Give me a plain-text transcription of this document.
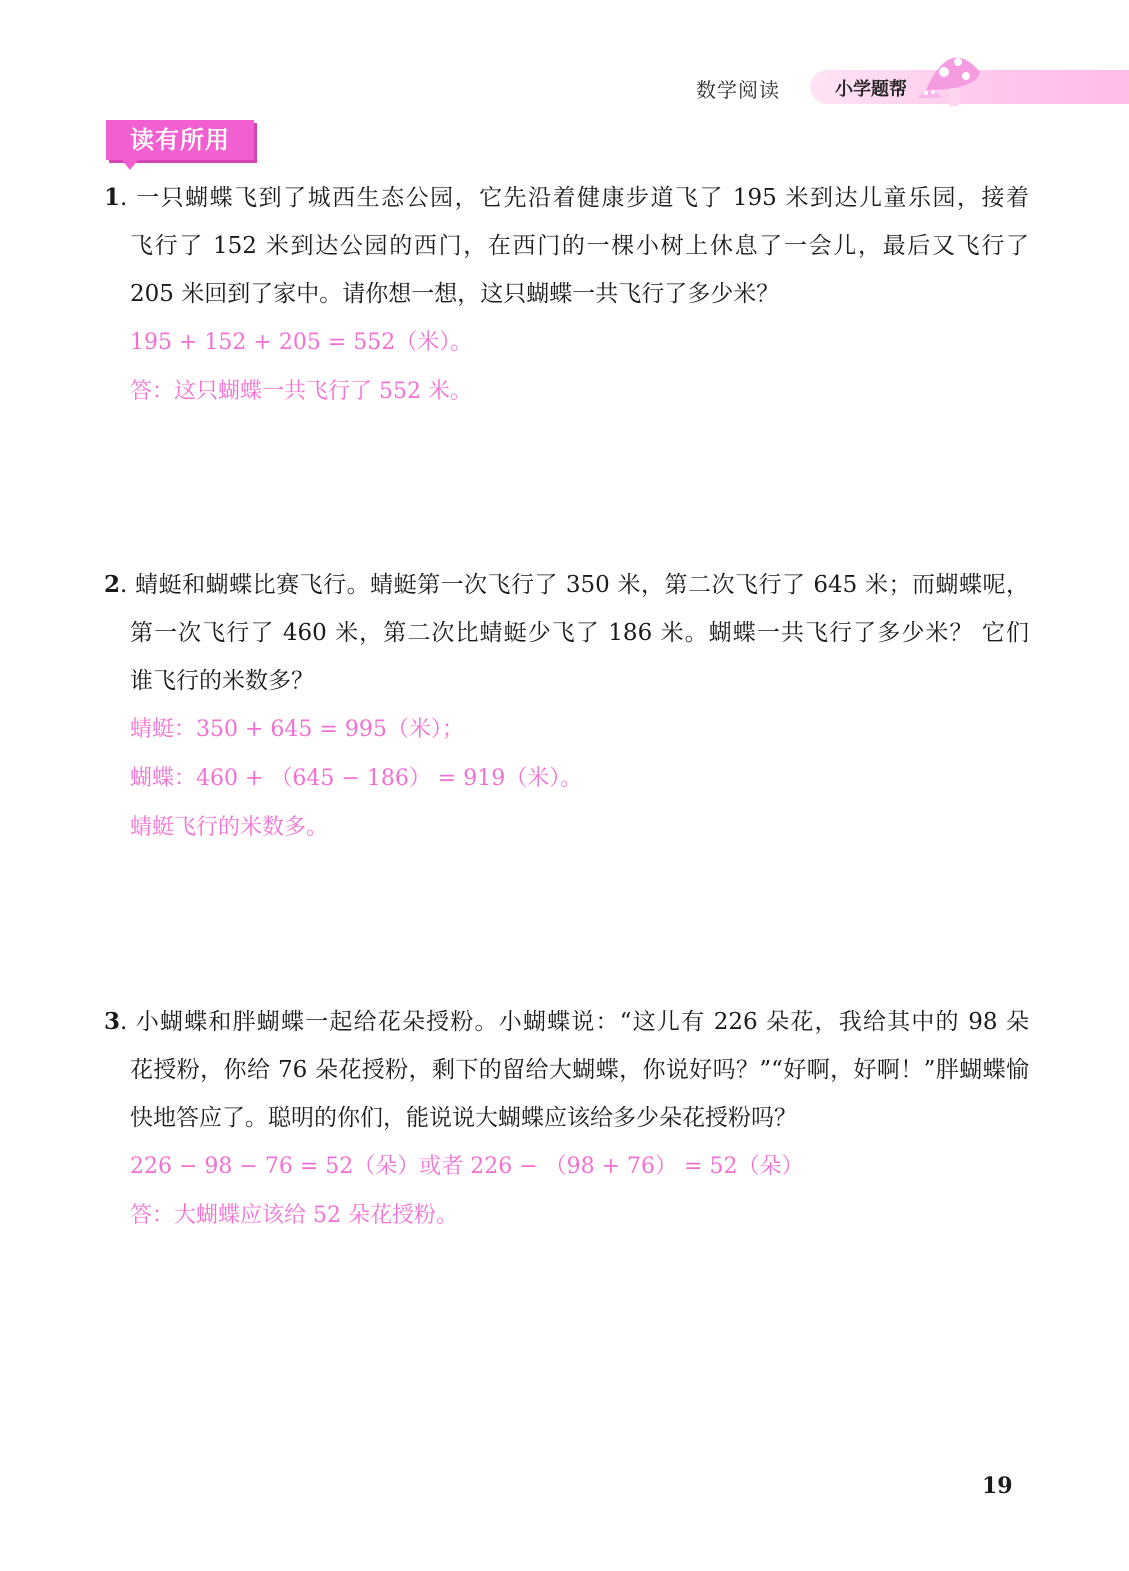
数学阅读	小学题帮
读有所用
1. 一只蝴蝶飞到了城西生态公园，它先沿着健康步道飞了 195 米到达儿童乐园，接着
飞行了 152 米到达公园的西门，在西门的一棵小树上休息了一会儿，最后又飞行了
205 米回到了家中。请你想一想，这只蝴蝶一共飞行了多少米？
195 + 152 + 205 = 552（米）。
答：这只蝴蝶一共飞行了 552 米。
2. 蜻蜓和蝴蝶比赛飞行。蜻蜓第一次飞行了 350 米，第二次飞行了 645 米；而蝴蝶呢，
第一次飞行了 460 米，第二次比蜻蜓少飞了 186 米。蝴蝶一共飞行了多少米？ 它们
谁飞行的米数多？
蜻蜓：350 + 645 = 995（米）；
蝴蝶：460 + （645 − 186） = 919（米）。
蜻蜓飞行的米数多。
3. 小蝴蝶和胖蝴蝶一起给花朵授粉。小蝴蝶说：“这儿有 226 朵花，我给其中的 98 朵
花授粉，你给 76 朵花授粉，剩下的留给大蝴蝶，你说好吗？”“好啊，好啊！”胖蝴蝶愉
快地答应了。聪明的你们，能说说大蝴蝶应该给多少朵花授粉吗？
226 − 98 − 76 = 52（朵）或者 226 − （98 + 76） = 52（朵）
答：大蝴蝶应该给 52 朵花授粉。
19
